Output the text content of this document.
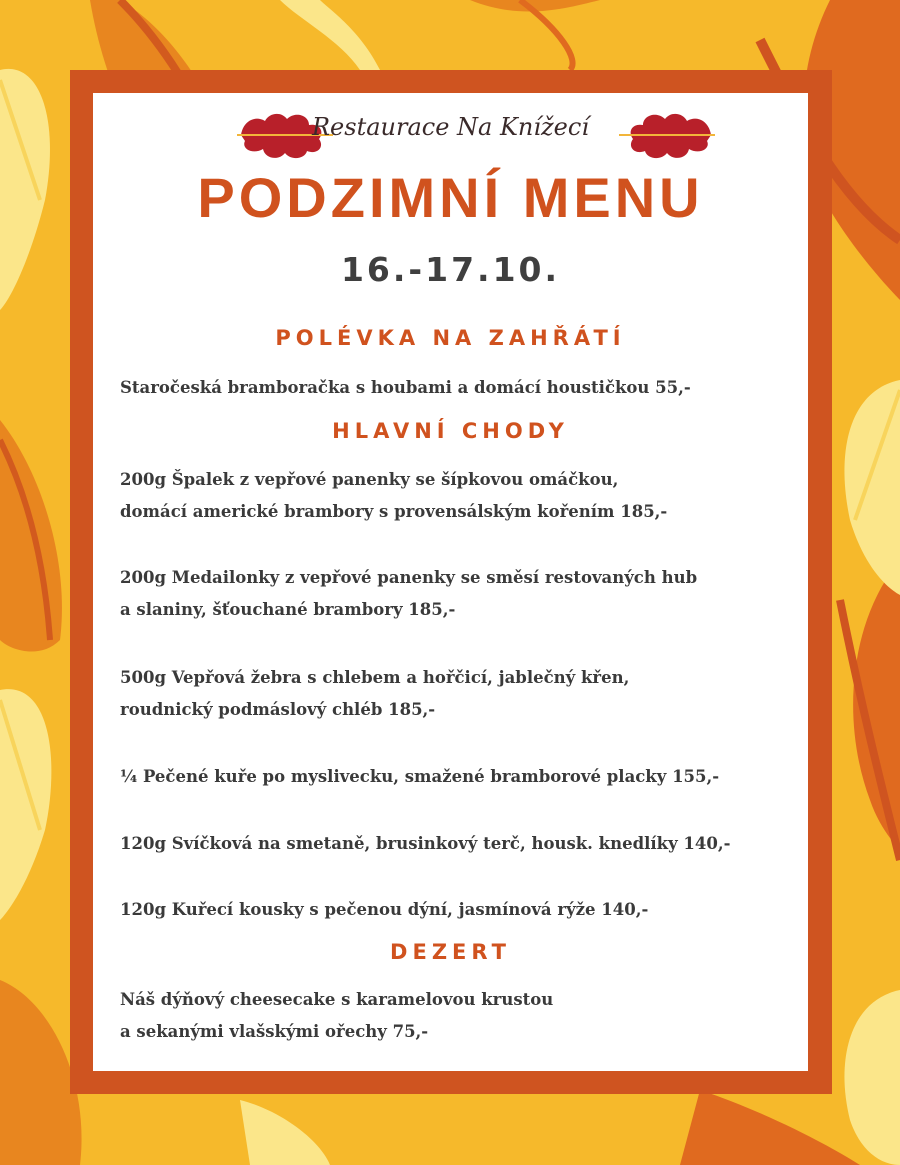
Restaurace Na Knížecí
PODZIMNÍ MENU
16.-17.10.
POLÉVKA NA ZAHŘÁTÍ
Staročeská bramboračka s houbami a domácí houstičkou 55,-
HLAVNÍ CHODY
200g Špalek z vepřové panenky se šípkovou omáčkou,
domácí americké brambory s provensálským kořením 185,-
200g Medailonky z vepřové panenky se směsí restovaných hub
a slaniny, šťouchané brambory 185,-
500g Vepřová žebra s chlebem a hořčicí, jablečný křen,
roudnický podmáslový chléb 185,-
¼ Pečené kuře po myslivecku, smažené bramborové placky 155,-
120g Svíčková na smetaně, brusinkový terč, housk. knedlíky 140,-
120g Kuřecí kousky s pečenou dýní, jasmínová rýže 140,-
DEZERT
Náš dýňový cheesecake s karamelovou krustou
a sekanými vlašskými ořechy 75,-
